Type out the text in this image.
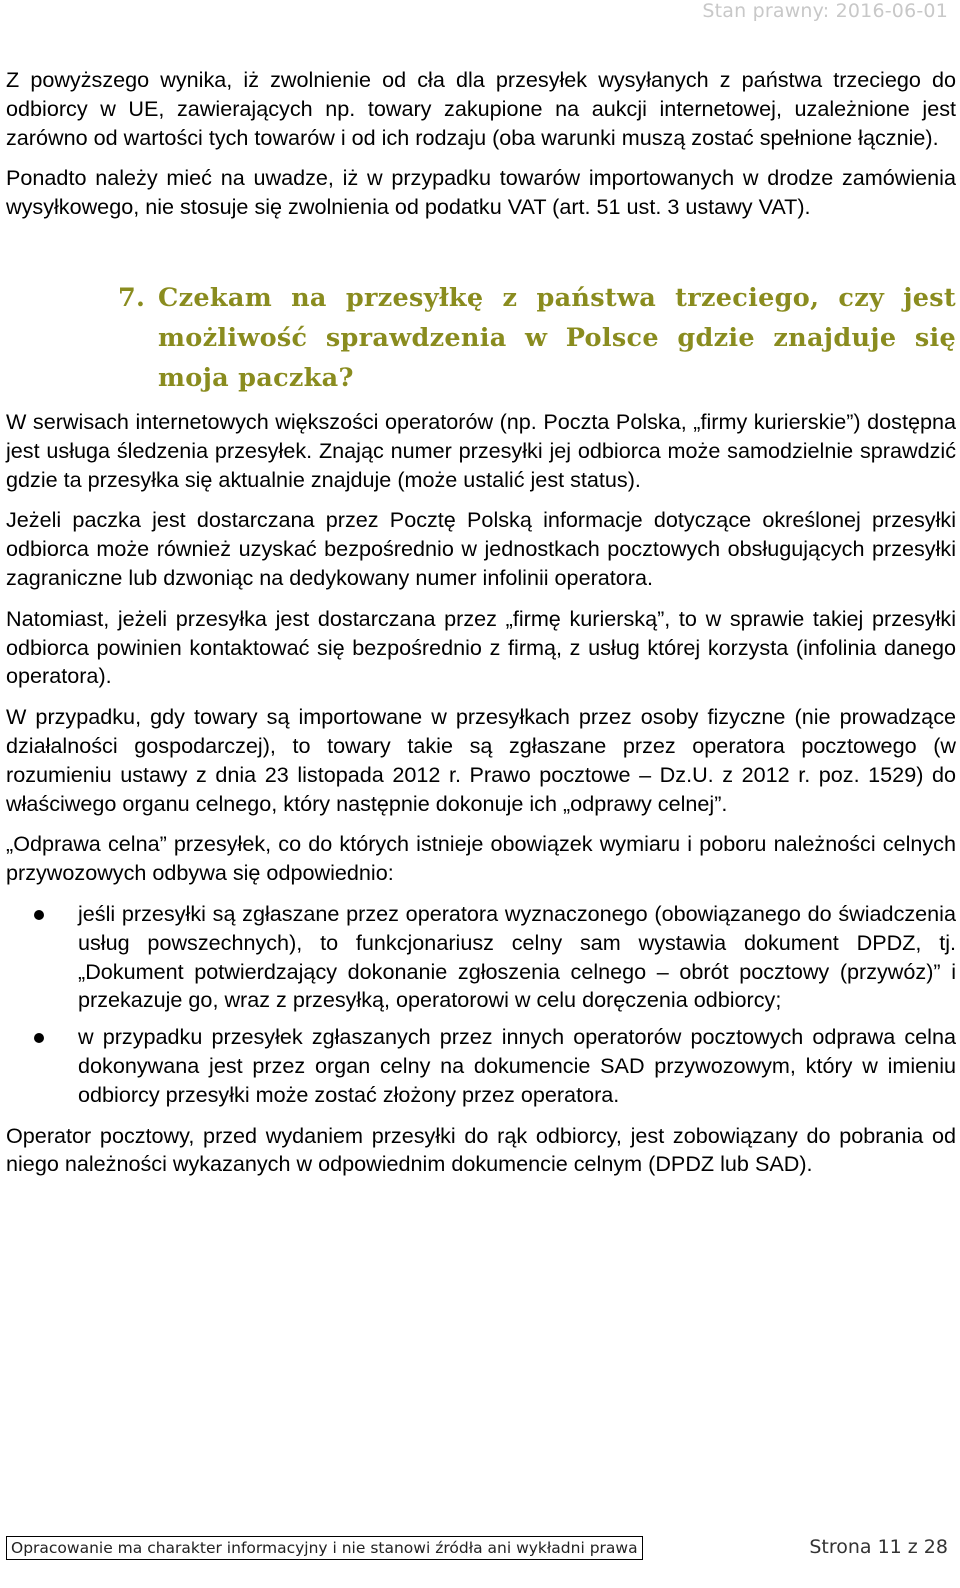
Stan prawny: 2016-06-01

Z powyższego wynika, iż zwolnienie od cła dla przesyłek wysyłanych z państwa trzeciego do odbiorcy w UE, zawierających np. towary zakupione na aukcji internetowej, uzależnione jest zarówno od wartości tych towarów i od ich rodzaju (oba warunki muszą zostać spełnione łącznie).

Ponadto należy mieć na uwadze, iż w przypadku towarów importowanych w drodze zamówienia wysyłkowego, nie stosuje się zwolnienia od podatku VAT (art. 51 ust. 3 ustawy VAT).

7. Czekam na przesyłkę z państwa trzeciego, czy jest możliwość sprawdzenia w Polsce gdzie znajduje się moja paczka?

W serwisach internetowych większości operatorów (np. Poczta Polska, „firmy kurierskie”) dostępna jest usługa śledzenia przesyłek. Znając numer przesyłki jej odbiorca może samodzielnie sprawdzić gdzie ta przesyłka się aktualnie znajduje (może ustalić jest status).

Jeżeli paczka jest dostarczana przez Pocztę Polską informacje dotyczące określonej przesyłki odbiorca może również uzyskać bezpośrednio w jednostkach pocztowych obsługujących przesyłki zagraniczne lub dzwoniąc na dedykowany numer infolinii operatora.

Natomiast, jeżeli przesyłka jest dostarczana przez „firmę kurierską”, to w sprawie takiej przesyłki odbiorca powinien kontaktować się bezpośrednio z firmą, z usług której korzysta (infolinia danego operatora).

W przypadku, gdy towary są importowane w przesyłkach przez osoby fizyczne (nie prowadzące działalności gospodarczej), to towary takie są zgłaszane przez operatora pocztowego (w rozumieniu ustawy z dnia 23 listopada 2012 r. Prawo pocztowe – Dz.U. z 2012 r. poz. 1529) do właściwego organu celnego, który następnie dokonuje ich „odprawy celnej”.

„Odprawa celna” przesyłek, co do których istnieje obowiązek wymiaru i poboru należności celnych przywozowych odbywa się odpowiednio:

jeśli przesyłki są zgłaszane przez operatora wyznaczonego (obowiązanego do świadczenia usług powszechnych), to funkcjonariusz celny sam wystawia dokument DPDZ, tj. „Dokument potwierdzający dokonanie zgłoszenia celnego – obrót pocztowy (przywóz)” i przekazuje go, wraz z przesyłką, operatorowi w celu doręczenia odbiorcy;
w przypadku przesyłek zgłaszanych przez innych operatorów pocztowych odprawa celna dokonywana jest przez organ celny na dokumencie SAD przywozowym, który w imieniu odbiorcy przesyłki może zostać złożony przez operatora.

Operator pocztowy, przed wydaniem przesyłki do rąk odbiorcy, jest zobowiązany do pobrania od niego należności wykazanych w odpowiednim dokumencie celnym (DPDZ lub SAD).

Opracowanie ma charakter informacyjny i nie stanowi źródła ani wykładni prawa	Strona 11 z 28
